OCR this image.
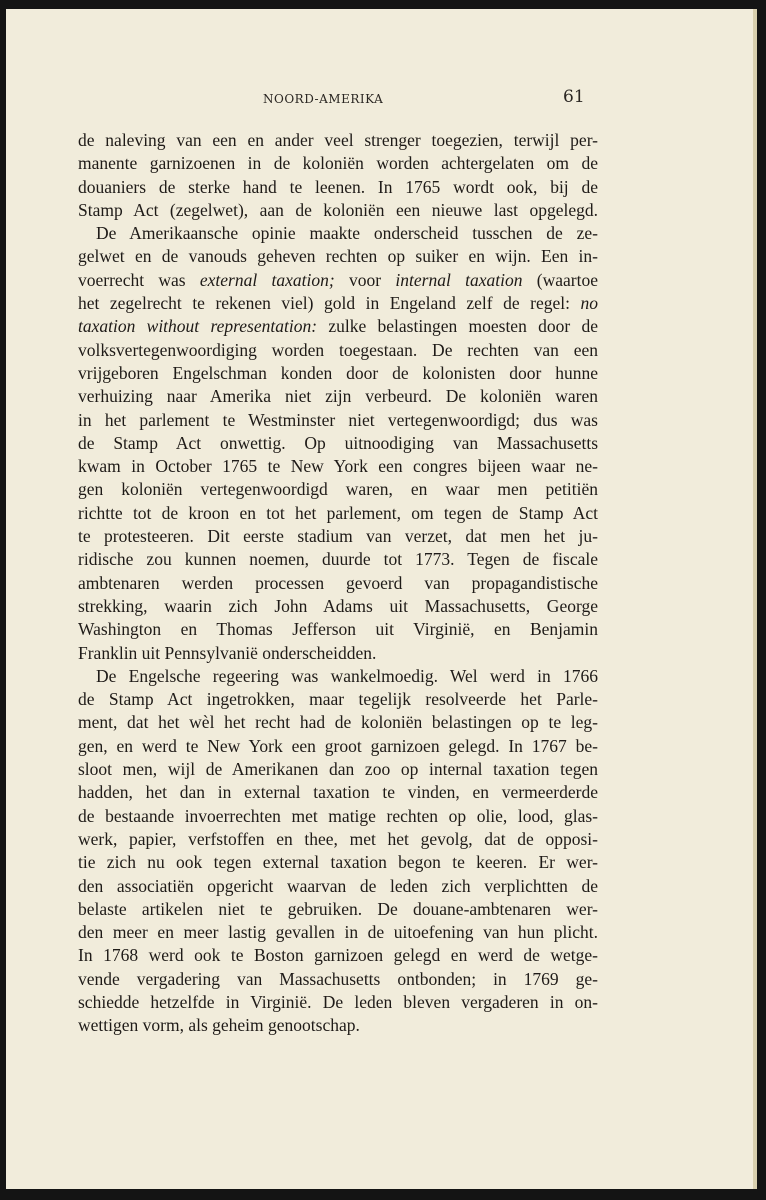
NOORD-AMERIKA	61
de naleving van een en ander veel strenger toegezien, terwijl per-
manente garnizoenen in de koloniën worden achtergelaten om de
douaniers de sterke hand te leenen. In 1765 wordt ook, bij de
Stamp Act (zegelwet), aan de koloniën een nieuwe last opgelegd.
De Amerikaansche opinie maakte onderscheid tusschen de ze-
gelwet en de vanouds geheven rechten op suiker en wijn. Een in-
voerrecht was external taxation; voor internal taxation (waartoe
het zegelrecht te rekenen viel) gold in Engeland zelf de regel: no
taxation without representation: zulke belastingen moesten door de
volksvertegenwoordiging worden toegestaan. De rechten van een
vrijgeboren Engelschman konden door de kolonisten door hunne
verhuizing naar Amerika niet zijn verbeurd. De koloniën waren
in het parlement te Westminster niet vertegenwoordigd; dus was
de Stamp Act onwettig. Op uitnoodiging van Massachusetts
kwam in October 1765 te New York een congres bijeen waar ne-
gen koloniën vertegenwoordigd waren, en waar men petitiën
richtte tot de kroon en tot het parlement, om tegen de Stamp Act
te protesteeren. Dit eerste stadium van verzet, dat men het ju-
ridische zou kunnen noemen, duurde tot 1773. Tegen de fiscale
ambtenaren werden processen gevoerd van propagandistische
strekking, waarin zich John Adams uit Massachusetts, George
Washington en Thomas Jefferson uit Virginië, en Benjamin
Franklin uit Pennsylvanië onderscheidden.
De Engelsche regeering was wankelmoedig. Wel werd in 1766
de Stamp Act ingetrokken, maar tegelijk resolveerde het Parle-
ment, dat het wèl het recht had de koloniën belastingen op te leg-
gen, en werd te New York een groot garnizoen gelegd. In 1767 be-
sloot men, wijl de Amerikanen dan zoo op internal taxation tegen
hadden, het dan in external taxation te vinden, en vermeerderde
de bestaande invoerrechten met matige rechten op olie, lood, glas-
werk, papier, verfstoffen en thee, met het gevolg, dat de opposi-
tie zich nu ook tegen external taxation begon te keeren. Er wer-
den associatiën opgericht waarvan de leden zich verplichtten de
belaste artikelen niet te gebruiken. De douane-ambtenaren wer-
den meer en meer lastig gevallen in de uitoefening van hun plicht.
In 1768 werd ook te Boston garnizoen gelegd en werd de wetge-
vende vergadering van Massachusetts ontbonden; in 1769 ge-
schiedde hetzelfde in Virginië. De leden bleven vergaderen in on-
wettigen vorm, als geheim genootschap.
